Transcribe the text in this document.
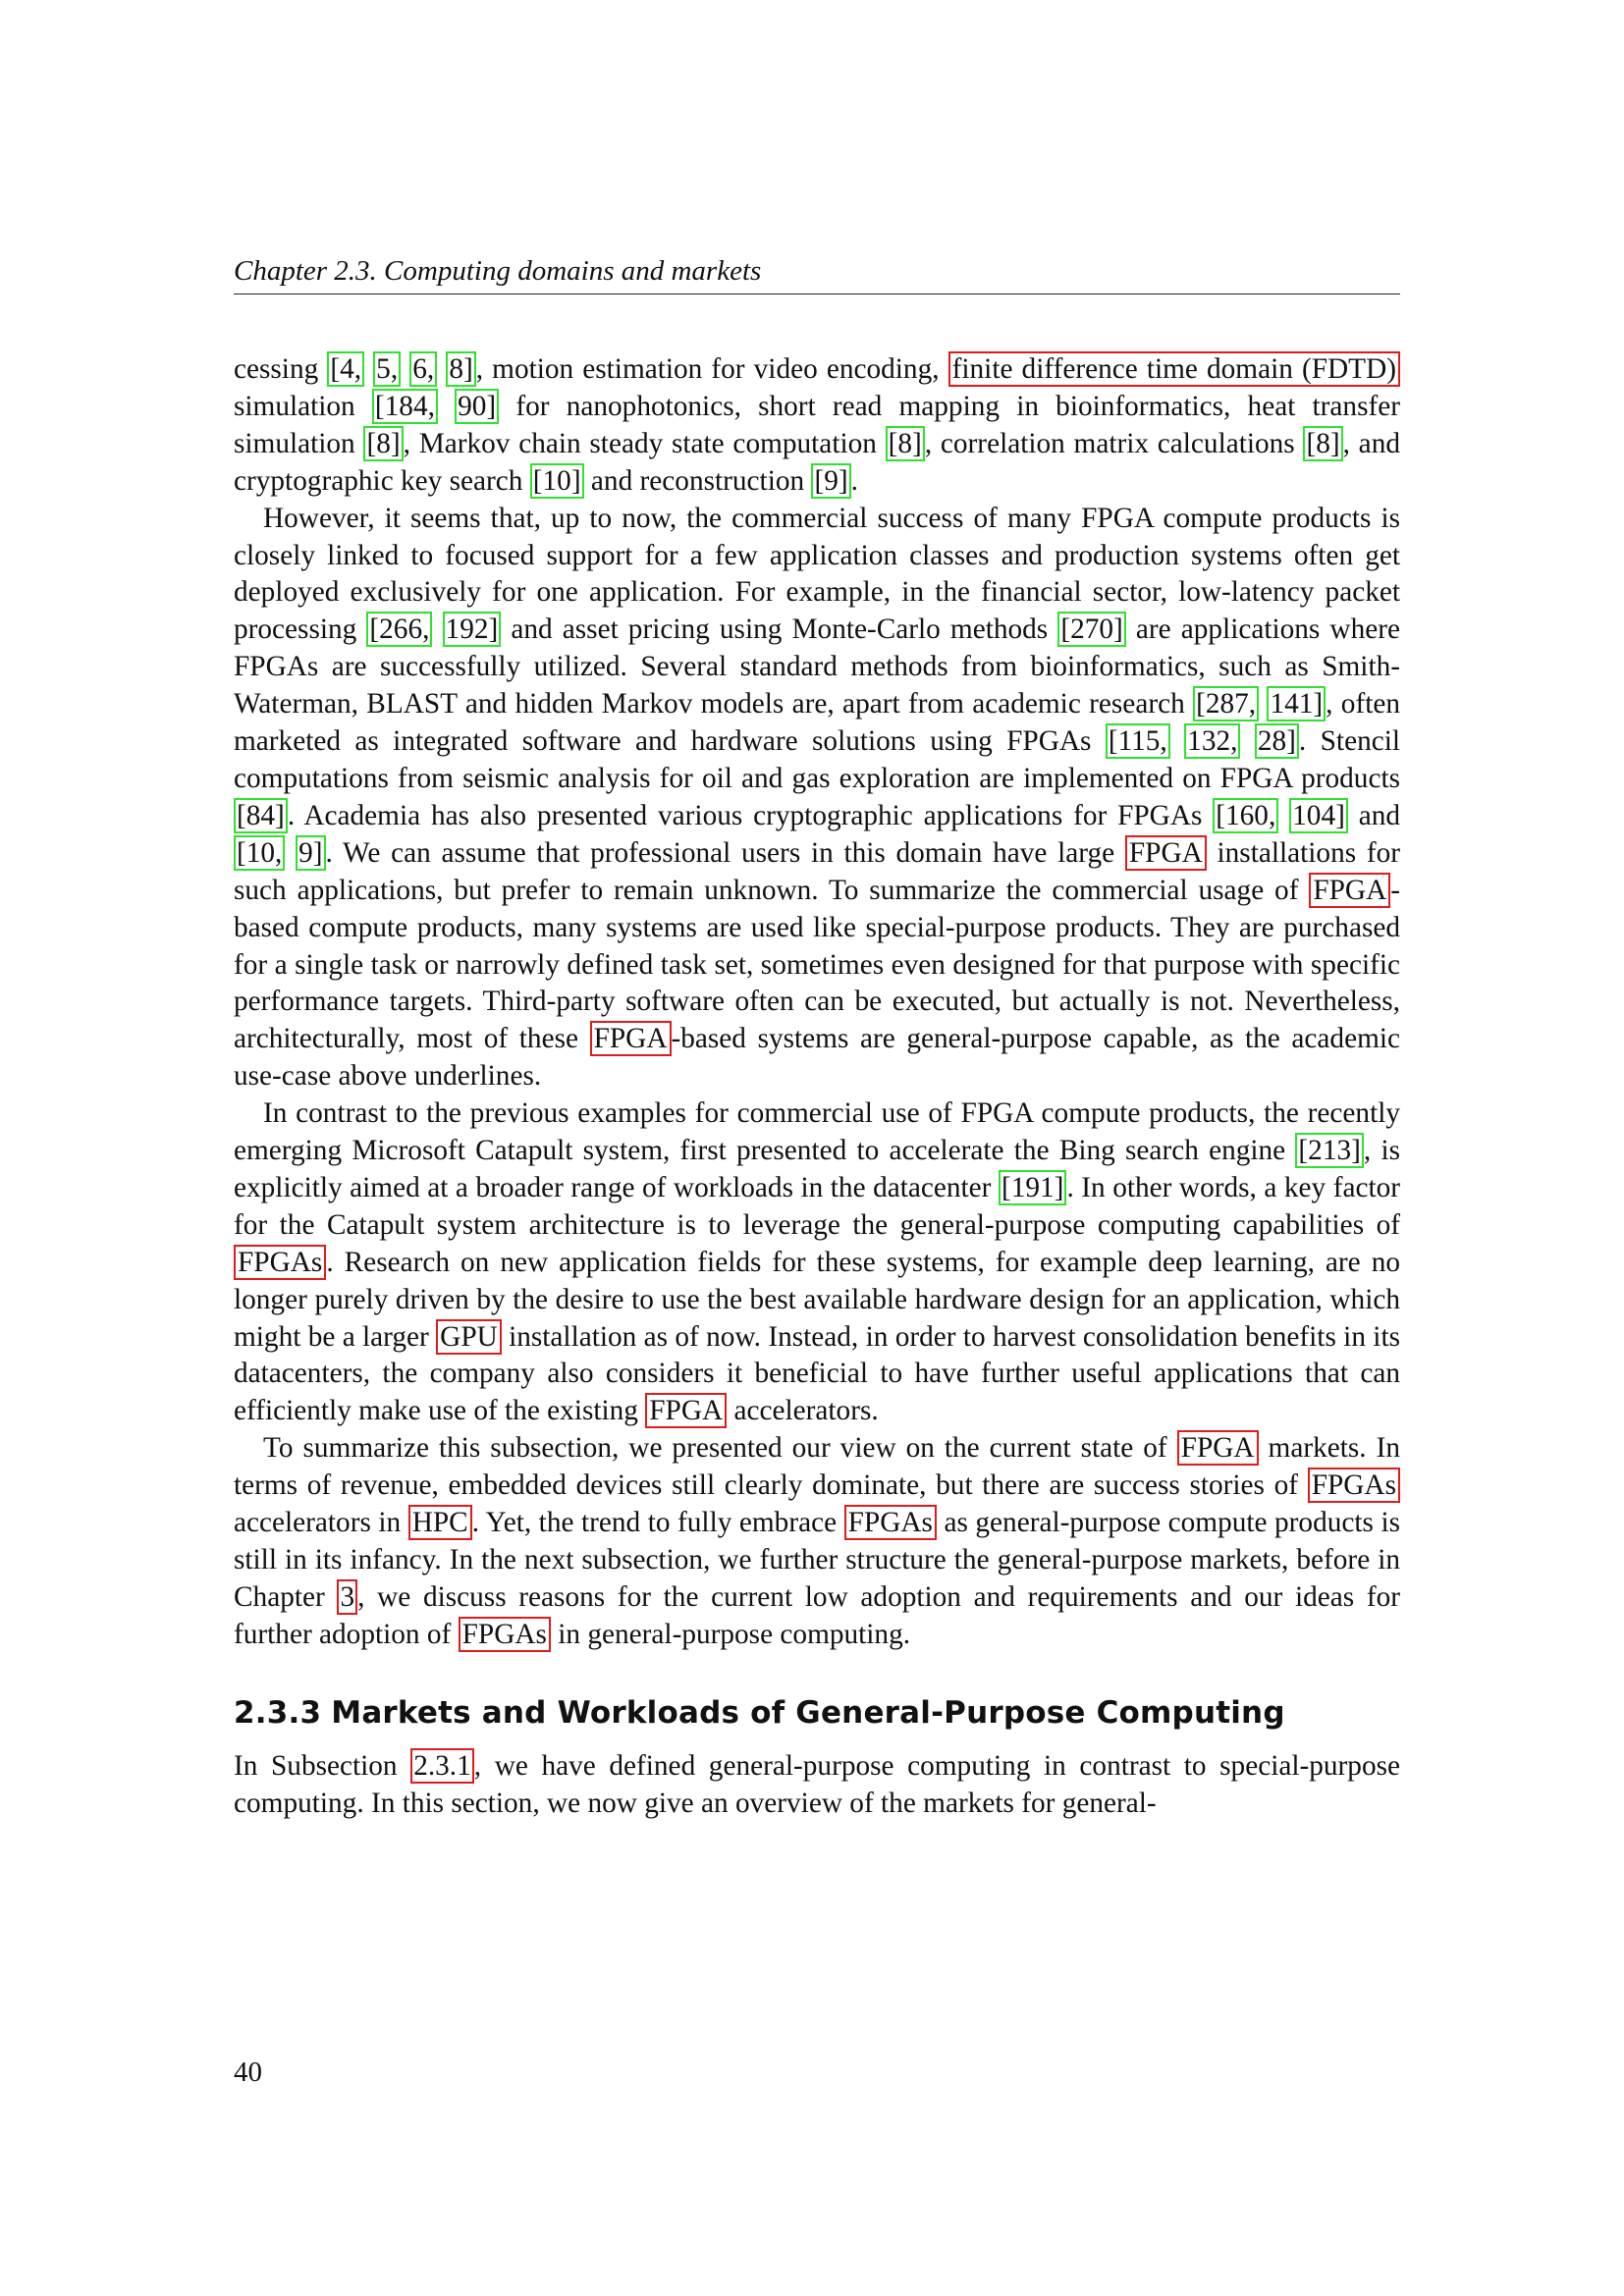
Chapter 2.3. Computing domains and markets

cessing [4, 5, 6, 8] , motion estimation for video encoding, finite difference time domain (FDTD) simulation [184, 90] for nanophotonics, short read mapping in bioinformatics, heat transfer simulation [8] , Markov chain steady state computation [8] , correlation matrix calculations [8] , and cryptographic key search [10] and reconstruction [9] .

However, it seems that, up to now, the commercial success of many FPGA compute products is closely linked to focused support for a few application classes and production systems often get deployed exclusively for one application. For example, in the financial sector, low-latency packet processing [266, 192] and asset pricing using Monte-Carlo methods [270] are applications where FPGAs are successfully utilized. Several standard methods from bioinformatics, such as Smith-Waterman, BLAST and hidden Markov models are, apart from academic research [287, 141] , often marketed as integrated software and hardware solutions using FPGAs [115, 132, 28] . Stencil computations from seismic analysis for oil and gas exploration are implemented on FPGA products [84] . Academia has also presented various cryptographic applications for FPGAs [160, 104] and [10, 9] . We can assume that professional users in this domain have large FPGA installations for such applications, but prefer to remain unknown. To summarize the commercial usage of FPGA -based compute products, many systems are used like special-purpose products. They are purchased for a single task or narrowly defined task set, sometimes even designed for that purpose with specific performance targets. Third-party software often can be executed, but actually is not. Nevertheless, architecturally, most of these FPGA -based systems are general-purpose capable, as the academic use-case above underlines.

In contrast to the previous examples for commercial use of FPGA compute products, the recently emerging Microsoft Catapult system, first presented to accelerate the Bing search engine [213] , is explicitly aimed at a broader range of workloads in the datacenter [191] . In other words, a key factor for the Catapult system architecture is to leverage the general-purpose computing capabilities of FPGAs . Research on new application fields for these systems, for example deep learning, are no longer purely driven by the desire to use the best available hardware design for an application, which might be a larger GPU installation as of now. Instead, in order to harvest consolidation benefits in its datacenters, the company also considers it beneficial to have further useful applications that can efficiently make use of the existing FPGA accelerators.

To summarize this subsection, we presented our view on the current state of FPGA markets. In terms of revenue, embedded devices still clearly dominate, but there are success stories of FPGAs accelerators in HPC . Yet, the trend to fully embrace FPGAs as general-purpose compute products is still in its infancy. In the next subsection, we further structure the general-purpose markets, before in Chapter 3 , we discuss reasons for the current low adoption and requirements and our ideas for further adoption of FPGAs in general-purpose computing.

2.3.3 Markets and Workloads of General-Purpose Computing

In Subsection 2.3.1 , we have defined general-purpose computing in contrast to special-purpose computing. In this section, we now give an overview of the markets for general-

40
